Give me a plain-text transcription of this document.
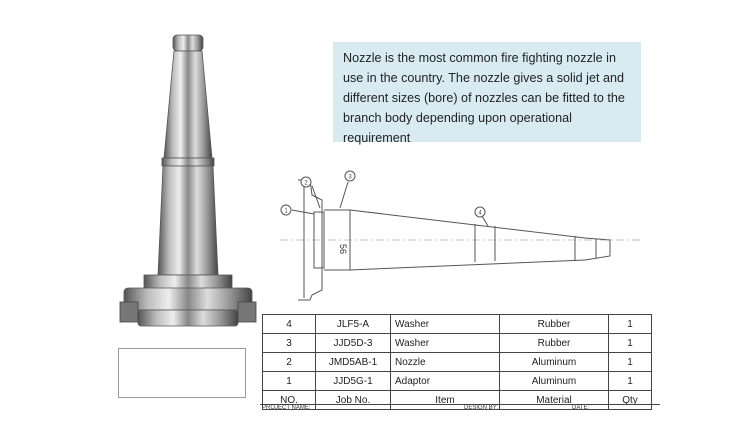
Nozzle is the most common fire fighting nozzle in use in the country. The nozzle gives a solid jet and different sizes (bore) of nozzles can be fitted to the branch body depending upon operational requirement
1
2
3
4
56
4	JLF5-A	Washer	Rubber	1
3	JJD5D-3	Washer	Rubber	1
2	JMD5AB-1	Nozzle	Aluminum	1
1	JJD5G-1	Adaptor	Aluminum	1
NO.	Job No.	Item	Material	Qty
PROJECT NAME:	DESIGN BY:	DATE:
